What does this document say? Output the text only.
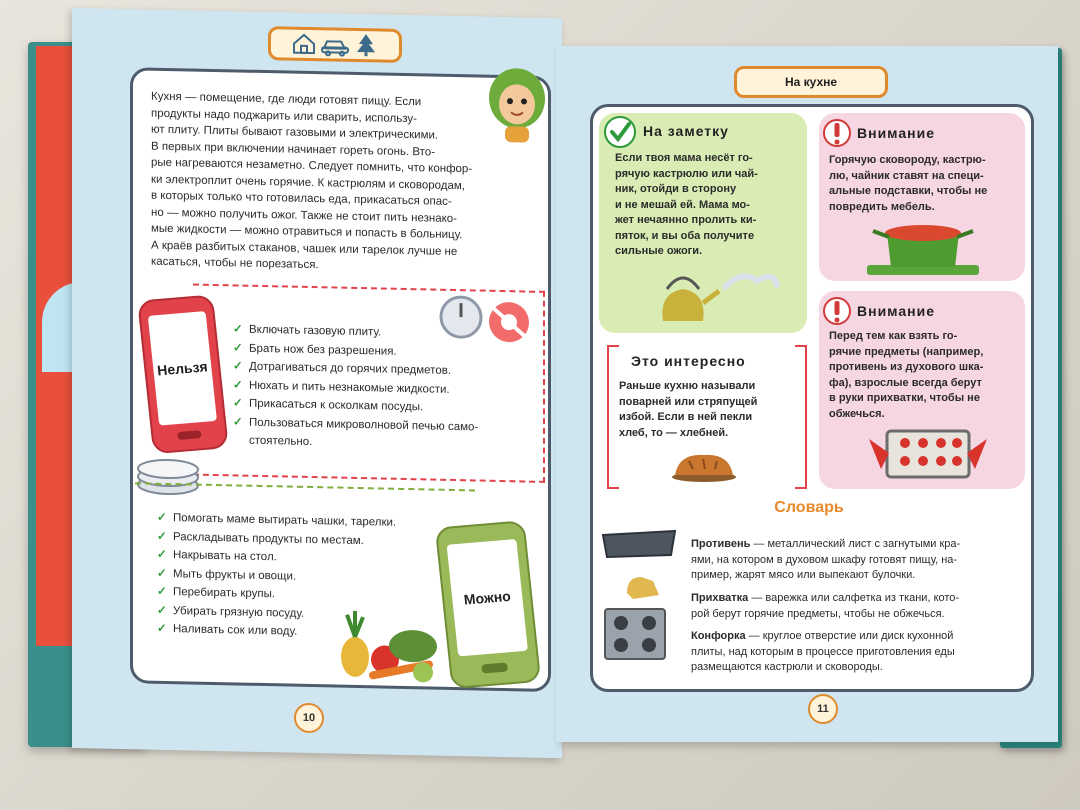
Кухня — помещение, где люди готовят пищу. Если
продукты надо поджарить или сварить, использу-
ют плиту. Плиты бывают газовыми и электрическими.
В первых при включении начинает гореть огонь. Вто-
рые нагреваются незаметно. Следует помнить, что конфор-
ки электроплит очень горячие. К кастрюлям и сковородам,
в которых только что готовилась еда, прикасаться опас-
но — можно получить ожог. Также не стоит пить незнако-
мые жидкости — можно отравиться и попасть в больницу.
А краёв разбитых стаканов, чашек или тарелок лучше не
касаться, чтобы не порезаться.
Нельзя
✓ Включать газовую плиту.
✓ Брать нож без разрешения.
✓ Дотрагиваться до горячих предметов.
✓ Нюхать и пить незнакомые жидкости.
✓ Прикасаться к осколкам посуды.
✓ Пользоваться микроволновой печью само-стоятельно.
✓ Помогать маме вытирать чашки, тарелки.
✓ Раскладывать продукты по местам.
✓ Накрывать на стол.
✓ Мыть фрукты и овощи.
✓ Перебирать крупы.
✓ Убирать грязную посуду.
✓ Наливать сок или воду.
Можно
10
На кухне
На заметку
Если твоя мама несёт го-
рячую кастрюлю или чай-
ник, отойди в сторону
и не мешай ей. Мама мо-
жет нечаянно пролить ки-
пяток, и вы оба получите
сильные ожоги.
Внимание
Горячую сковороду, кастрю-
лю, чайник ставят на специ-
альные подставки, чтобы не
повредить мебель.
Это интересно
Раньше кухню называли
поварней или стряпущей
избой. Если в ней пекли
хлеб, то — хлебней.
Внимание
Перед тем как взять го-
рячие предметы (например,
противень из духового шка-
фа), взрослые всегда берут
в руки прихватки, чтобы не
обжечься.
Словарь
Противень — металлический лист с загнутыми кра-
ями, на котором в духовом шкафу готовят пищу, на-
пример, жарят мясо или выпекают булочки.
Прихватка — варежка или салфетка из ткани, кото-
рой берут горячие предметы, чтобы не обжечься.
Конфорка — круглое отверстие или диск кухонной
плиты, над которым в процессе приготовления еды
размещаются кастрюли и сковороды.
11
